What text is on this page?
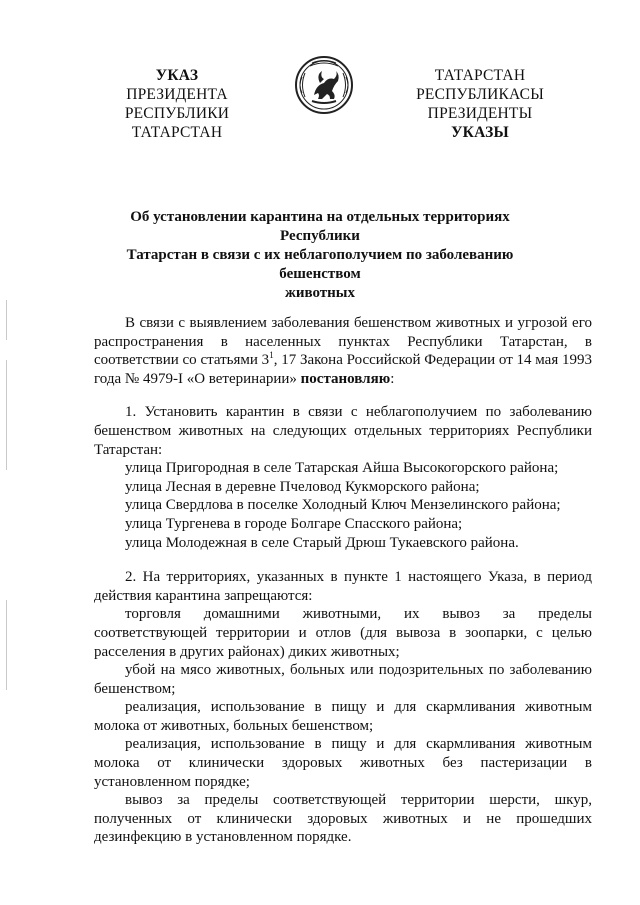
УКАЗ
ПРЕЗИДЕНТА
РЕСПУБЛИКИ ТАТАРСТАН
ТАТАРСТАН РЕСПУБЛИКАСЫ
ПРЕЗИДЕНТЫ
УКАЗЫ
Об установлении карантина на отдельных территориях Республики
Татарстан в связи с их неблагополучием по заболеванию бешенством
животных

В связи с выявлением заболевания бешенством животных и угрозой его распространения в населенных пунктах Республики Татарстан, в соответствии со статьями $3^1$, 17 Закона Российской Федерации от 14 мая 1993 года № 4979-I «О ветеринарии» постановляю:

1. Установить карантин в связи с неблагополучием по заболеванию бешенством животных на следующих отдельных территориях Республики Татарстан:

улица Пригородная в селе Татарская Айша Высокогорского района;

улица Лесная в деревне Пчеловод Кукморского района;

улица Свердлова в поселке Холодный Ключ Мензелинского района;

улица Тургенева в городе Болгаре Спасского района;

улица Молодежная в селе Старый Дрюш Тукаевского района.

2. На территориях, указанных в пункте 1 настоящего Указа, в период действия карантина запрещаются:

торговля домашними животными, их вывоз за пределы соответствующей территории и отлов (для вывоза в зоопарки, с целью расселения в других районах) диких животных;

убой на мясо животных, больных или подозрительных по заболеванию бешенством;

реализация, использование в пищу и для скармливания животным молока от животных, больных бешенством;

реализация, использование в пищу и для скармливания животным молока от клинически здоровых животных без пастеризации в установленном порядке;

вывоз за пределы соответствующей территории шерсти, шкур, полученных от клинически здоровых животных и не прошедших дезинфекцию в установленном порядке.
